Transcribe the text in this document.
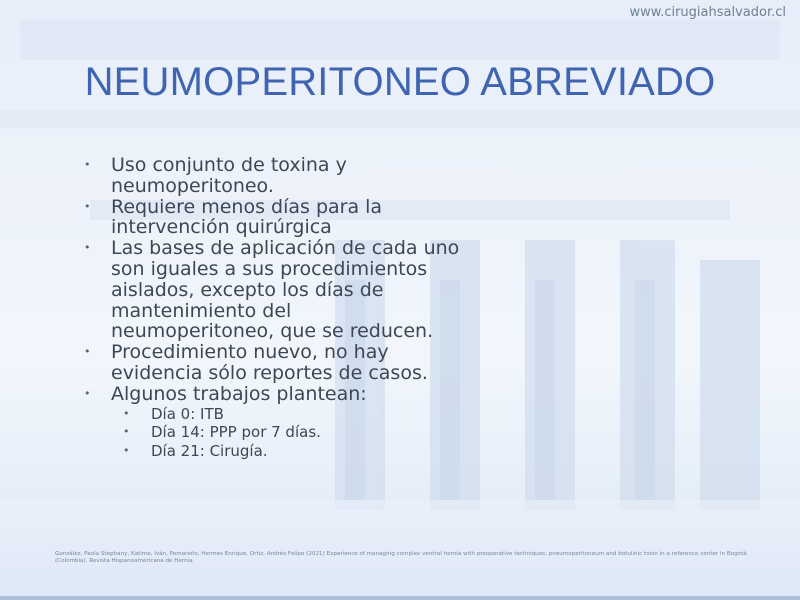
www.cirugiahsalvador.cl
NEUMOPERITONEO ABREVIADO
• Uso conjunto de toxina y neumoperitoneo.
• Requiere menos días para la intervención quirúrgica
• Las bases de aplicación de cada uno son iguales a sus procedimientos aislados, excepto los días de mantenimiento del neumoperitoneo, que se reducen.
• Procedimiento nuevo, no hay evidencia sólo reportes de casos.
• Algunos trabajos plantean:
• Día 0: ITB
• Día 14: PPP por 7 días.
• Día 21: Cirugía.
González, Paola Stephany, Katime, Iván, Pomareño, Hermes Enrique, Ortiz, Andrés Felipe (2021) Experience of managing complex ventral hernia with preoperative techniques: pneumoperitoneum and botulinic toxin in a reference center in Bogotá (Colombia). Revista Hispanoamericana de Hernia
